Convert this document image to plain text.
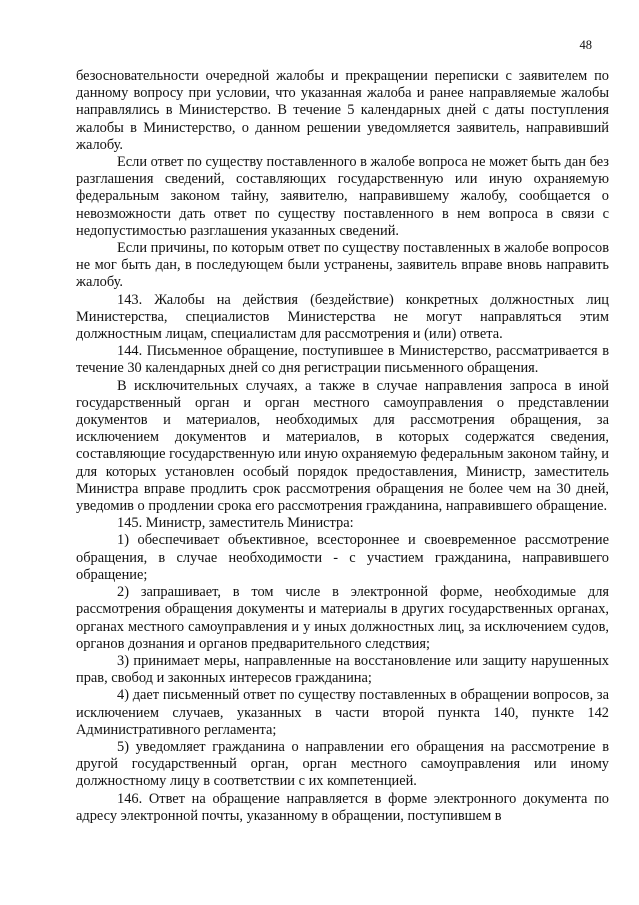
48

безосновательности очередной жалобы и прекращении переписки с заявителем по данному вопросу при условии, что указанная жалоба и ранее направляемые жалобы направлялись в Министерство. В течение 5 календарных дней с даты поступления жалобы в Министерство, о данном решении уведомляется заявитель, направивший жалобу.

Если ответ по существу поставленного в жалобе вопроса не может быть дан без разглашения сведений, составляющих государственную или иную охраняемую федеральным законом тайну, заявителю, направившему жалобу, сообщается о невозможности дать ответ по существу поставленного в нем вопроса в связи с недопустимостью разглашения указанных сведений.

Если причины, по которым ответ по существу поставленных в жалобе вопросов не мог быть дан, в последующем были устранены, заявитель вправе вновь направить жалобу.

143. Жалобы на действия (бездействие) конкретных должностных лиц Министерства, специалистов Министерства не могут направляться этим должностным лицам, специалистам для рассмотрения и (или) ответа.

144. Письменное обращение, поступившее в Министерство, рассматривается в течение 30 календарных дней со дня регистрации письменного обращения.

В исключительных случаях, а также в случае направления запроса в иной государственный орган и орган местного самоуправления о представлении документов и материалов, необходимых для рассмотрения обращения, за исключением документов и материалов, в которых содержатся сведения, составляющие государственную или иную охраняемую федеральным законом тайну, и для которых установлен особый порядок предоставления, Министр, заместитель Министра вправе продлить срок рассмотрения обращения не более чем на 30 дней, уведомив о продлении срока его рассмотрения гражданина, направившего обращение.

145. Министр, заместитель Министра:

1) обеспечивает объективное, всестороннее и своевременное рассмотрение обращения, в случае необходимости - с участием гражданина, направившего обращение;

2) запрашивает, в том числе в электронной форме, необходимые для рассмотрения обращения документы и материалы в других государственных органах, органах местного самоуправления и у иных должностных лиц, за исключением судов, органов дознания и органов предварительного следствия;

3) принимает меры, направленные на восстановление или защиту нарушенных прав, свобод и законных интересов гражданина;

4) дает письменный ответ по существу поставленных в обращении вопросов, за исключением случаев, указанных в части второй пункта 140, пункте 142 Административного регламента;

5) уведомляет гражданина о направлении его обращения на рассмотрение в другой государственный орган, орган местного самоуправления или иному должностному лицу в соответствии с их компетенцией.

146. Ответ на обращение направляется в форме электронного документа по адресу электронной почты, указанному в обращении, поступившем в
